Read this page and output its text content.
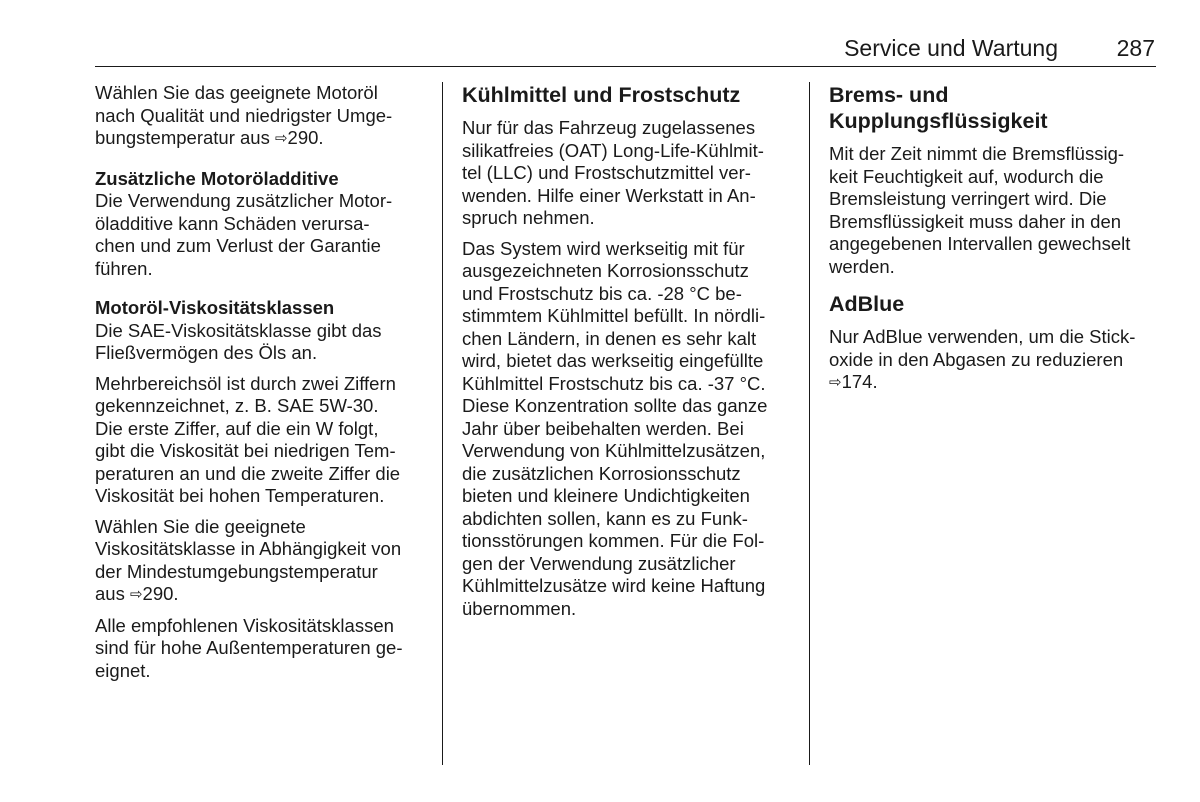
Service und Wartung	287

Wählen Sie das geeignete Motoröl

nach Qualität und niedrigster Umge-

bungstemperatur aus ⇨290.

Zusätzliche Motoröladditive

Die Verwendung zusätzlicher Motor-

öladditive kann Schäden verursa-

chen und zum Verlust der Garantie

führen.

Motoröl-Viskositätsklassen

Die SAE-Viskositätsklasse gibt das

Fließvermögen des Öls an.

Mehrbereichsöl ist durch zwei Ziffern

gekennzeichnet, z. B. SAE 5W-30.

Die erste Ziffer, auf die ein W folgt,

gibt die Viskosität bei niedrigen Tem-

peraturen an und die zweite Ziffer die

Viskosität bei hohen Temperaturen.

Wählen Sie die geeignete

Viskositätsklasse in Abhängigkeit von

der Mindestumgebungstemperatur

aus ⇨290.

Alle empfohlenen Viskositätsklassen

sind für hohe Außentemperaturen ge-

eignet.

Kühlmittel und Frostschutz

Nur für das Fahrzeug zugelassenes

silikatfreies (OAT) Long-Life-Kühlmit-

tel (LLC) und Frostschutzmittel ver-

wenden. Hilfe einer Werkstatt in An-

spruch nehmen.

Das System wird werkseitig mit für

ausgezeichneten Korrosionsschutz

und Frostschutz bis ca. -28 °C be-

stimmtem Kühlmittel befüllt. In nördli-

chen Ländern, in denen es sehr kalt

wird, bietet das werkseitig eingefüllte

Kühlmittel Frostschutz bis ca. -37 °C.

Diese Konzentration sollte das ganze

Jahr über beibehalten werden. Bei

Verwendung von Kühlmittelzusätzen,

die zusätzlichen Korrosionsschutz

bieten und kleinere Undichtigkeiten

abdichten sollen, kann es zu Funk-

tionsstörungen kommen. Für die Fol-

gen der Verwendung zusätzlicher

Kühlmittelzusätze wird keine Haftung

übernommen.

Brems- und Kupplungsflüssigkeit

Mit der Zeit nimmt die Bremsflüssig-

keit Feuchtigkeit auf, wodurch die

Bremsleistung verringert wird. Die

Bremsflüssigkeit muss daher in den

angegebenen Intervallen gewechselt

werden.

AdBlue

Nur AdBlue verwenden, um die Stick-

oxide in den Abgasen zu reduzieren

⇨174.
